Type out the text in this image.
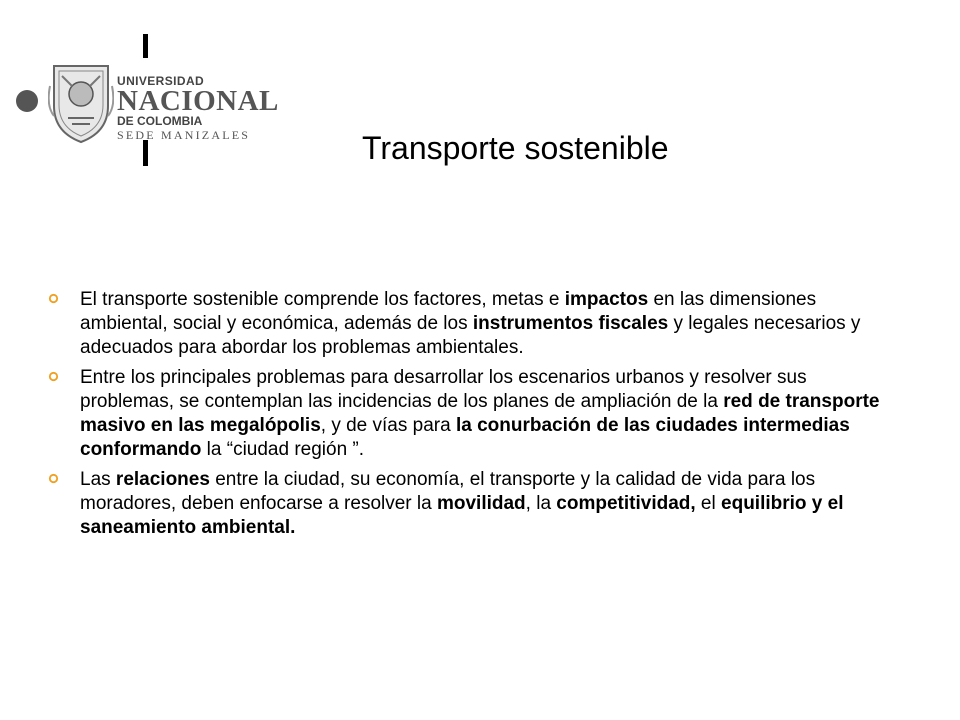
UNIVERSIDAD
NACIONAL
DE COLOMBIA
SEDE MANIZALES	Transporte sostenible
El transporte sostenible comprende los factores, metas e impactos en las dimensiones ambiental, social y económica, además de los instrumentos fiscales y legales necesarios y adecuados para abordar los problemas ambientales.
Entre los principales problemas para desarrollar los escenarios urbanos y resolver sus problemas, se contemplan las incidencias de los planes de ampliación de la red de transporte masivo en las megalópolis, y de vías para la conurbación de las ciudades intermedias conformando la “ciudad región ”.
Las relaciones entre la ciudad, su economía, el transporte y la calidad de vida para los moradores, deben enfocarse a resolver la movilidad, la competitividad, el equilibrio y el saneamiento ambiental.
